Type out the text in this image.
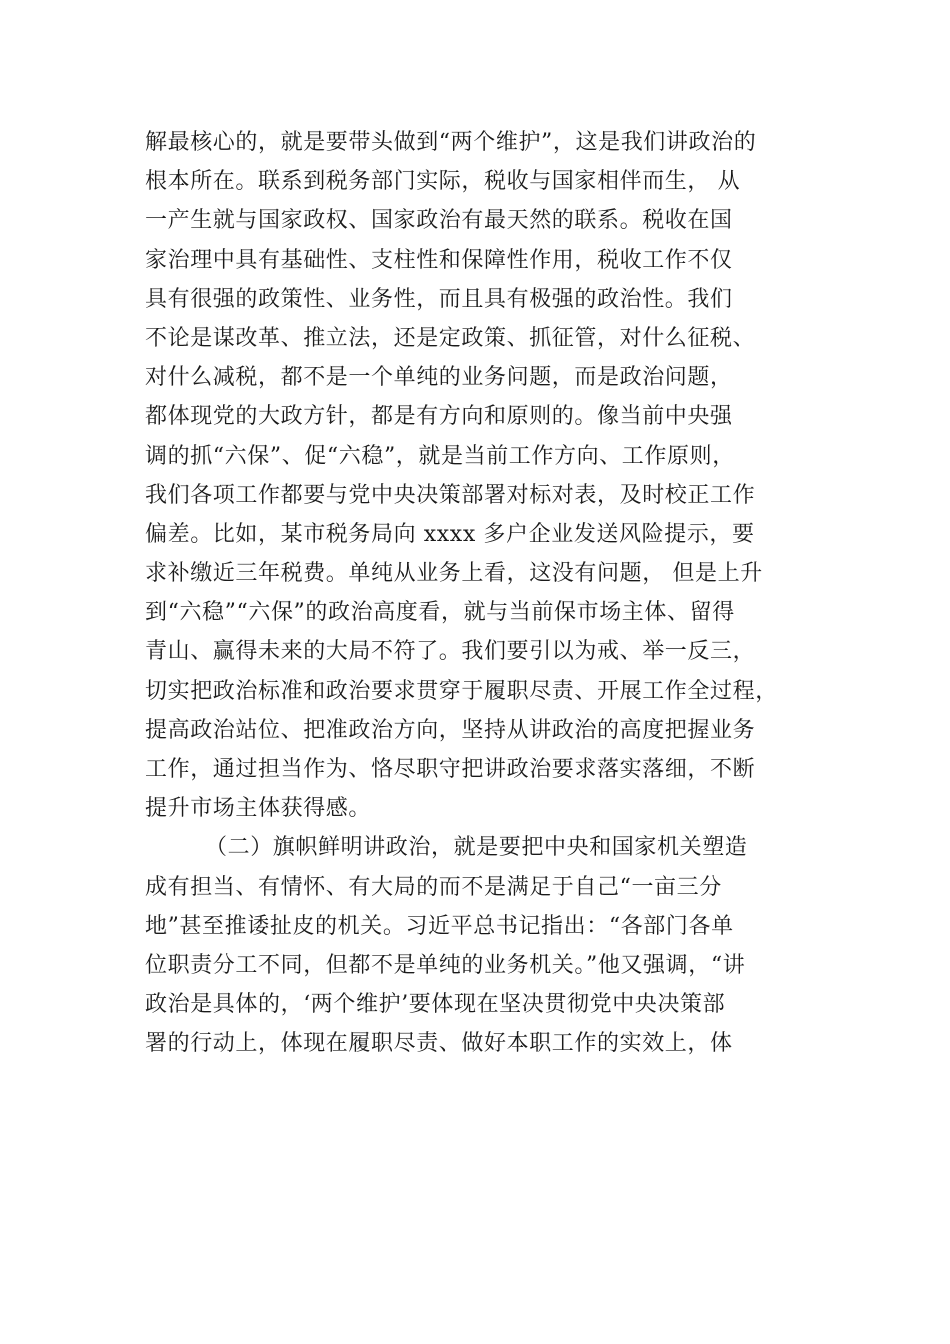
解最核心的，就是要带头做到“两个维护”，这是我们讲政治的
根本所在。联系到税务部门实际，税收与国家相伴而生， 从
一产生就与国家政权、国家政治有最天然的联系。税收在国
家治理中具有基础性、支柱性和保障性作用，税收工作不仅
具有很强的政策性、业务性，而且具有极强的政治性。我们
不论是谋改革、推立法，还是定政策、抓征管，对什么征税、
对什么减税，都不是一个单纯的业务问题，而是政治问题，
都体现党的大政方针，都是有方向和原则的。像当前中央强
调的抓“六保”、促“六稳”，就是当前工作方向、工作原则，
我们各项工作都要与党中央决策部署对标对表，及时校正工作
偏差。比如，某市税务局向 xxxx 多户企业发送风险提示，要
求补缴近三年税费。单纯从业务上看，这没有问题， 但是上升
到“六稳”“六保”的政治高度看，就与当前保市场主体、留得
青山、赢得未来的大局不符了。我们要引以为戒、举一反三，
切实把政治标准和政治要求贯穿于履职尽责、开展工作全过程，
提高政治站位、把准政治方向，坚持从讲政治的高度把握业务
工作，通过担当作为、恪尽职守把讲政治要求落实落细，不断
提升市场主体获得感。
（二）旗帜鲜明讲政治，就是要把中央和国家机关塑造
成有担当、有情怀、有大局的而不是满足于自己“一亩三分
地”甚至推诿扯皮的机关。习近平总书记指出：“各部门各单
位职责分工不同，但都不是单纯的业务机关。”他又强调，“讲
政治是具体的，‘两个维护’要体现在坚决贯彻党中央决策部
署的行动上，体现在履职尽责、做好本职工作的实效上，体
